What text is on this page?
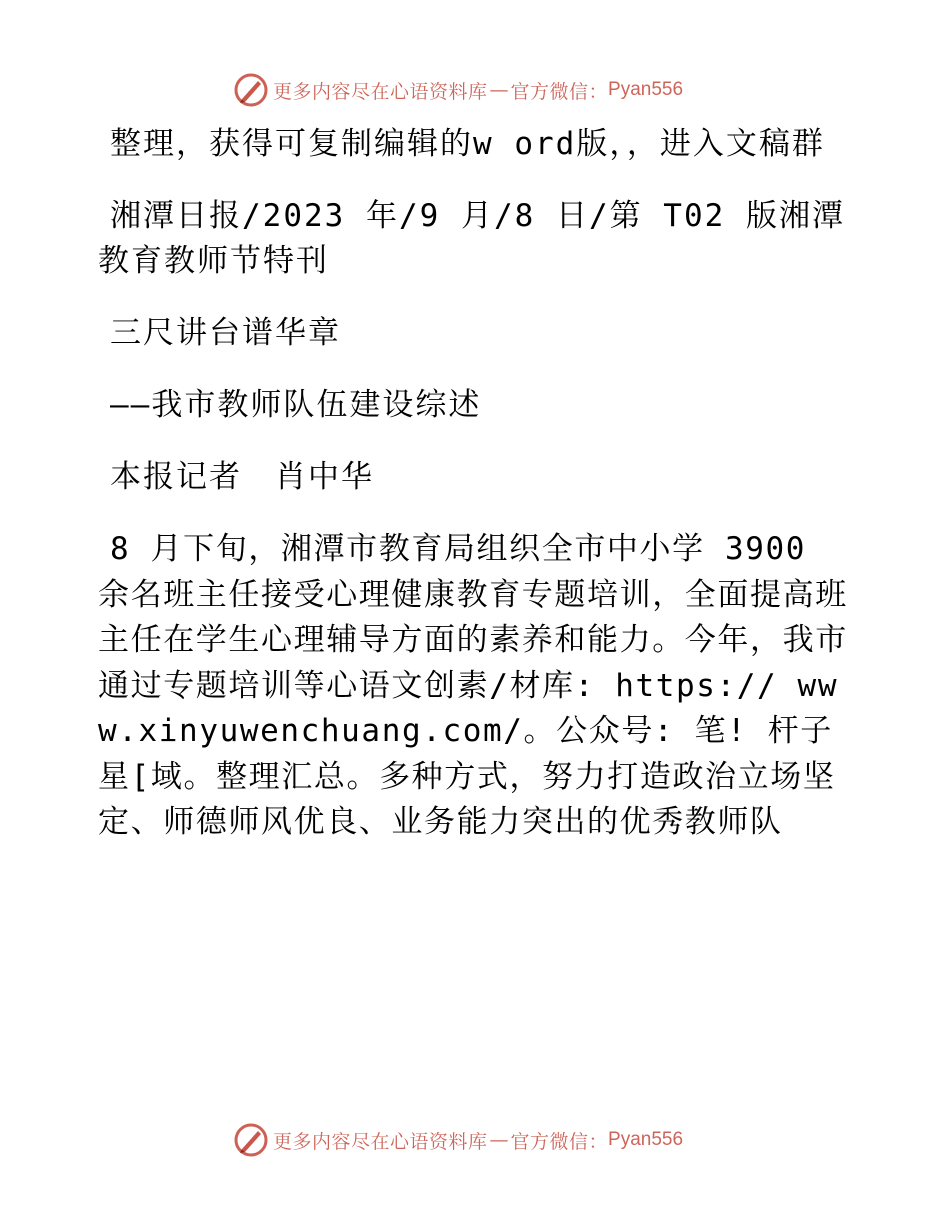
更多内容尽在心语资料库 — 官方微信： Pyan556

整理，获得可复制编辑的w ord版，，进入文稿群

湘潭日报/2023 年/9 月/8 日/第 T02 版湘潭教育教师节特刊

三尺讲台谱华章

——我市教师队伍建设综述

本报记者　肖中华

8 月下旬，湘潭市教育局组织全市中小学 3900 余名班主任接受心理健康教育专题培训，全面提高班主任在学生心理辅导方面的素养和能力。今年，我市通过专题培训等心语文创素/材库: https:// www.xinyuwenchuang.com/。公众号: 笔! 杆子星[域。整理汇总。多种方式，努力打造政治立场坚定、师德师风优良、业务能力突出的优秀教师队

更多内容尽在心语资料库 — 官方微信： Pyan556
